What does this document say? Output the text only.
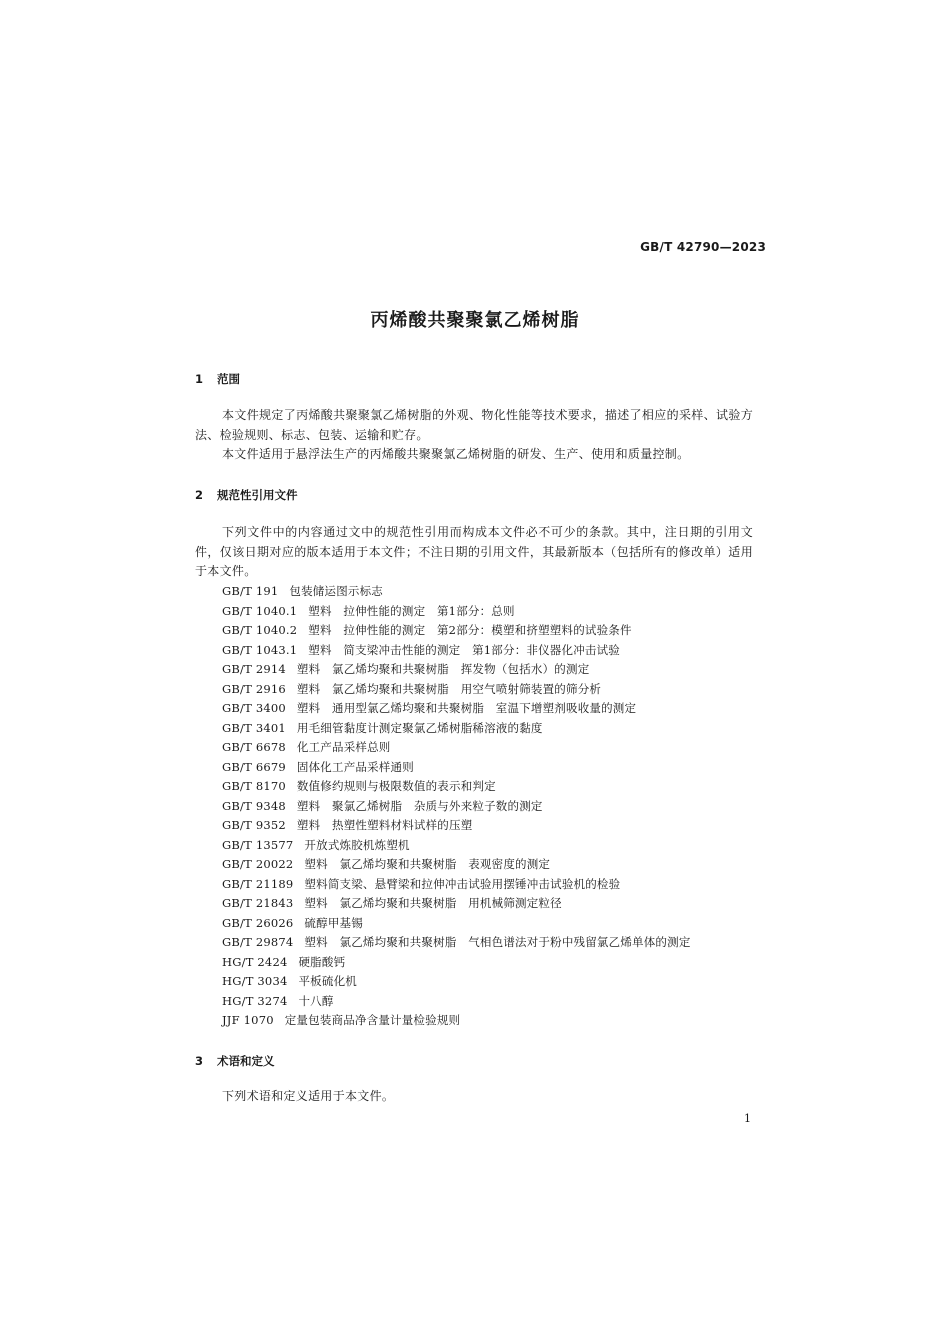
GB/T 42790—2023
丙烯酸共聚聚氯乙烯树脂
1 范围
本文件规定了丙烯酸共聚聚氯乙烯树脂的外观、物化性能等技术要求，描述了相应的采样、试验方法、检验规则、标志、包装、运输和贮存。
本文件适用于悬浮法生产的丙烯酸共聚聚氯乙烯树脂的研发、生产、使用和质量控制。
2 规范性引用文件
下列文件中的内容通过文中的规范性引用而构成本文件必不可少的条款。其中，注日期的引用文件，仅该日期对应的版本适用于本文件；不注日期的引用文件，其最新版本（包括所有的修改单）适用于本文件。
GB/T 191 包装储运图示标志
GB/T 1040.1 塑料　拉伸性能的测定　第1部分：总则
GB/T 1040.2 塑料　拉伸性能的测定　第2部分：模塑和挤塑塑料的试验条件
GB/T 1043.1 塑料　简支梁冲击性能的测定　第1部分：非仪器化冲击试验
GB/T 2914 塑料　氯乙烯均聚和共聚树脂　挥发物（包括水）的测定
GB/T 2916 塑料　氯乙烯均聚和共聚树脂　用空气喷射筛装置的筛分析
GB/T 3400 塑料　通用型氯乙烯均聚和共聚树脂　室温下增塑剂吸收量的测定
GB/T 3401 用毛细管黏度计测定聚氯乙烯树脂稀溶液的黏度
GB/T 6678 化工产品采样总则
GB/T 6679 固体化工产品采样通则
GB/T 8170 数值修约规则与极限数值的表示和判定
GB/T 9348 塑料　聚氯乙烯树脂　杂质与外来粒子数的测定
GB/T 9352 塑料　热塑性塑料材料试样的压塑
GB/T 13577 开放式炼胶机炼塑机
GB/T 20022 塑料　氯乙烯均聚和共聚树脂　表观密度的测定
GB/T 21189 塑料简支梁、悬臂梁和拉伸冲击试验用摆锤冲击试验机的检验
GB/T 21843 塑料　氯乙烯均聚和共聚树脂　用机械筛测定粒径
GB/T 26026 硫醇甲基锡
GB/T 29874 塑料　氯乙烯均聚和共聚树脂　气相色谱法对于粉中残留氯乙烯单体的测定
HG/T 2424 硬脂酸钙
HG/T 3034 平板硫化机
HG/T 3274 十八醇
JJF 1070 定量包装商品净含量计量检验规则
3 术语和定义
下列术语和定义适用于本文件。
1
